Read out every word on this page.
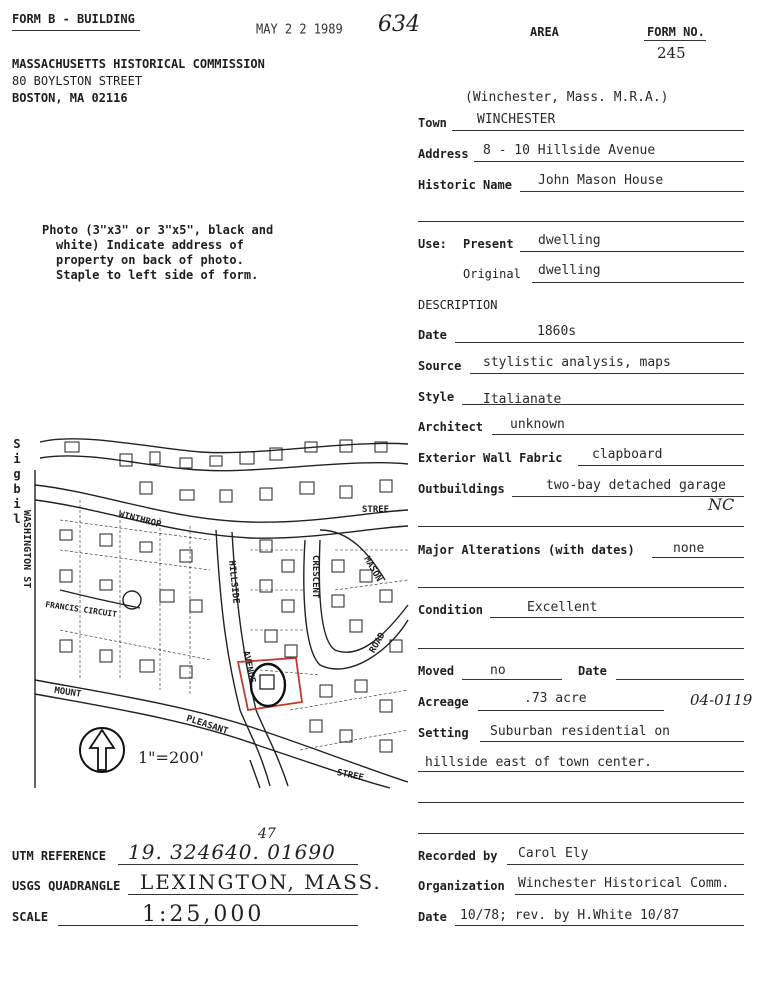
FORM B - BUILDING
MAY 2 2 1989 634	AREA	FORM NO.
245
MASSACHUSETTS HISTORICAL COMMISSION
80 BOYLSTON STREET
BOSTON, MA 02116
Photo (3"x3" or 3"x5", black and
white) Indicate address of
property on back of photo.
Staple to left side of form.
(Winchester, Mass. M.R.A.)
Town WINCHESTER
Address 8 - 10 Hillside Avenue
Historic Name John Mason House
Use: Present dwelling
Original dwelling
DESCRIPTION
Date	1860s
Source stylistic analysis, maps
Style Italianate
Architect unknown
Exterior Wall Fabric clapboard
Outbuildings	two-bay detached garage
NC
Major Alterations (with dates)	none
Condition	Excellent
Moved	no	Date
Acreage	.73 acre	04-0119
Setting Suburban residential on
hillside east of town center.
Recorded by Carol Ely
Organization Winchester Historical Comm.
Date 10/78; rev. by H.White 10/87
UTM REFERENCE 19. 324640. 01690
47
USGS QUADRANGLE LEXINGTON, MASS.
SCALE	1:25,000
S
i
g
b
i
l	WINTHROP	STREE
HILLSIDE
AVENUE
CRESCENT	MASON
ROAD
FRANCIS CIRCUIT
MOUNT
PLEASANT
STREE
WASHINGTON ST
1"=200'
